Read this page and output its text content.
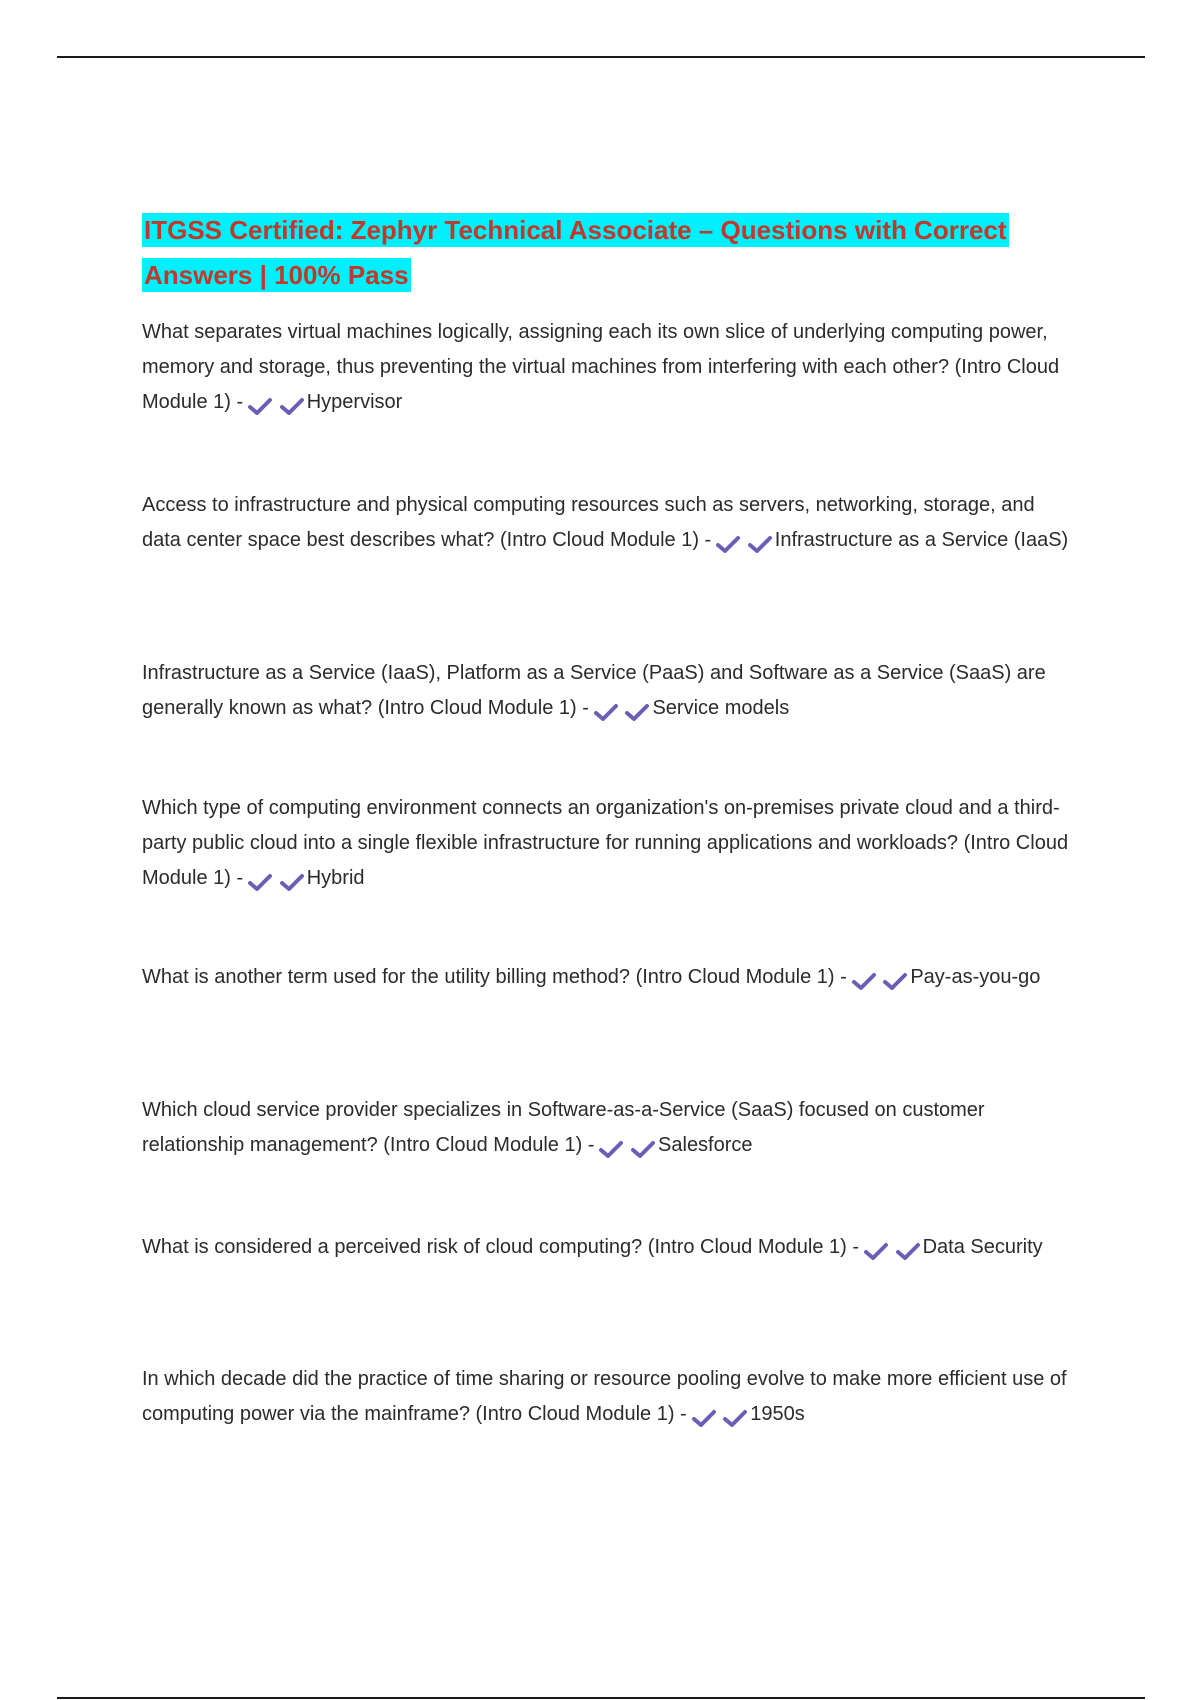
ITGSS Certified: Zephyr Technical Associate – Questions with Correct Answers | 100% Pass

What separates virtual machines logically, assigning each its own slice of underlying computing power, memory and storage, thus preventing the virtual machines from interfering with each other? (Intro Cloud Module 1) -	Hypervisor

Access to infrastructure and physical computing resources such as servers, networking, storage, and data center space best describes what? (Intro Cloud Module 1) -	Infrastructure as a Service (IaaS)

Infrastructure as a Service (IaaS), Platform as a Service (PaaS) and Software as a Service (SaaS) are generally known as what? (Intro Cloud Module 1) -	Service models

Which type of computing environment connects an organization's on-premises private cloud and a third-party public cloud into a single flexible infrastructure for running applications and workloads? (Intro Cloud Module 1) -	Hybrid

What is another term used for the utility billing method? (Intro Cloud Module 1) -	Pay-as-you-go

Which cloud service provider specializes in Software-as-a-Service (SaaS) focused on customer relationship management? (Intro Cloud Module 1) -	Salesforce

What is considered a perceived risk of cloud computing? (Intro Cloud Module 1) -	Data Security

In which decade did the practice of time sharing or resource pooling evolve to make more efficient use of computing power via the mainframe? (Intro Cloud Module 1) -	1950s
